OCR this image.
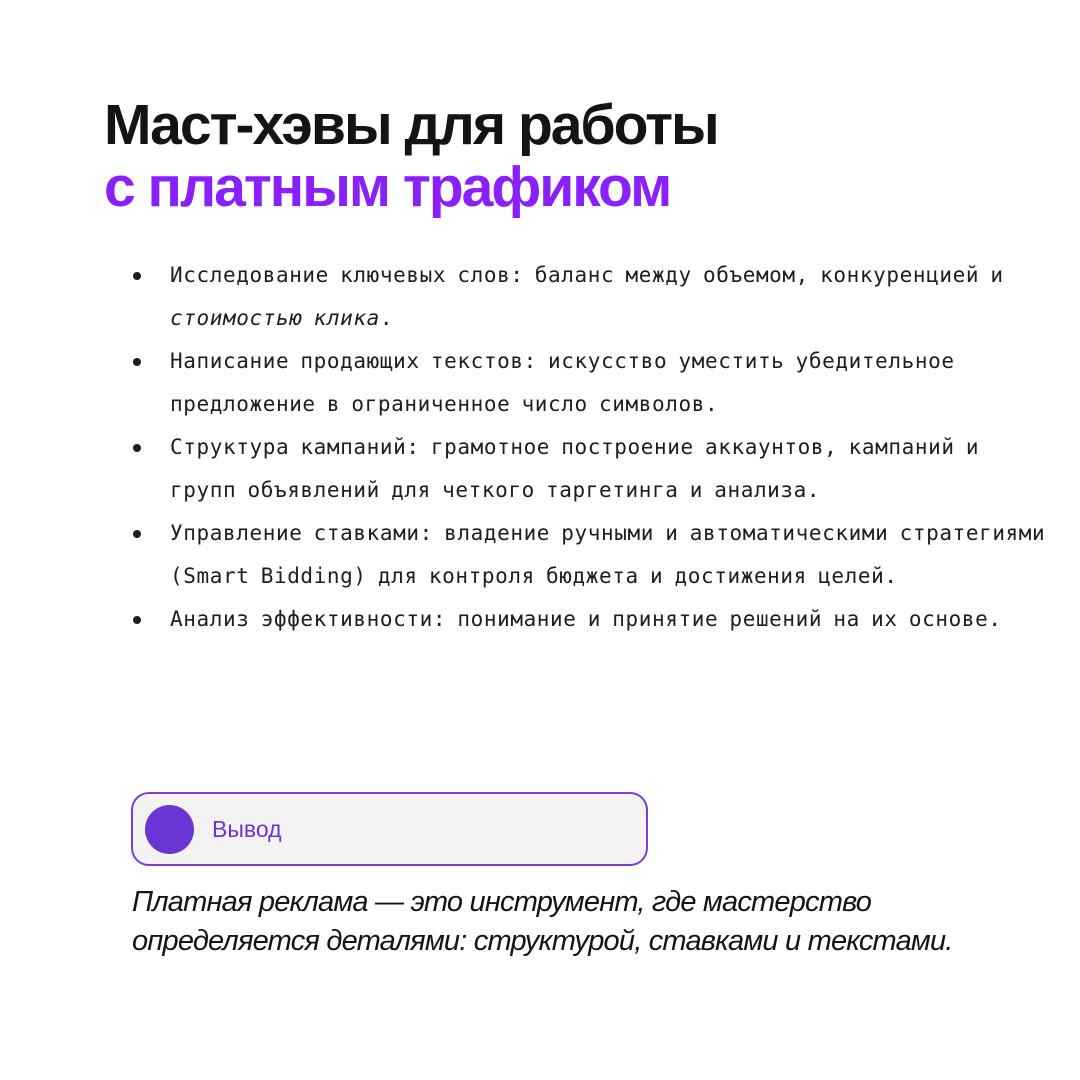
Маст-хэвы для работы
с платным трафиком
Исследование ключевых слов: баланс между объемом, конкуренцией и стоимостью клика.
Написание продающих текстов: искусство уместить убедительное предложение в ограниченное число символов.
Структура кампаний: грамотное построение аккаунтов, кампаний и групп объявлений для четкого таргетинга и анализа.
Управление ставками: владение ручными и автоматическими стратегиями (Smart Bidding) для контроля бюджета и достижения целей.
Анализ эффективности: понимание и принятие решений на их основе.
Вывод

Платная реклама — это инструмент, где мастерство определяется деталями: структурой, ставками и текстами.
